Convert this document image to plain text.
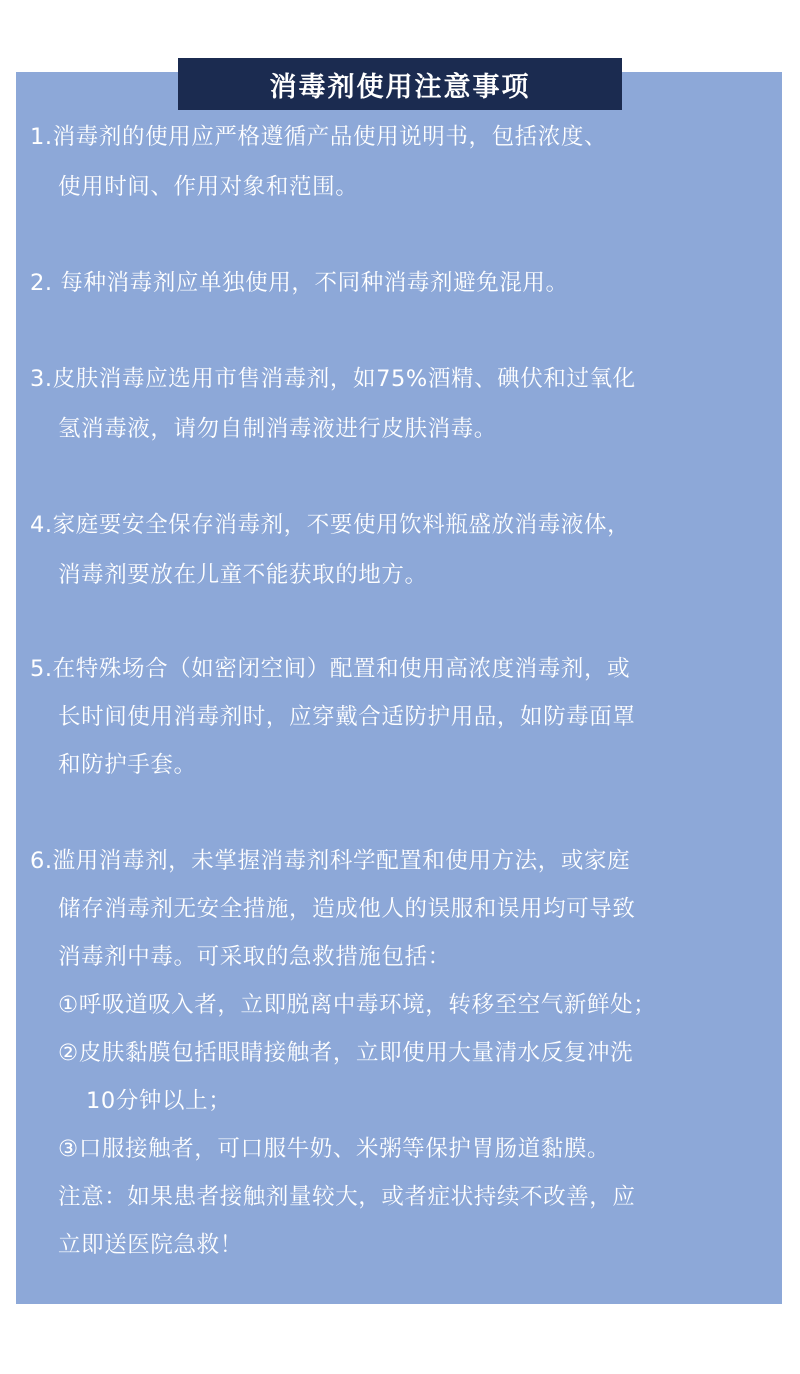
消毒剂使用注意事项
1.消毒剂的使用应严格遵循产品使用说明书，包括浓度、
使用时间、作用对象和范围。
2. 每种消毒剂应单独使用，不同种消毒剂避免混用。
3.皮肤消毒应选用市售消毒剂，如75%酒精、碘伏和过氧化
氢消毒液，请勿自制消毒液进行皮肤消毒。
4.家庭要安全保存消毒剂，不要使用饮料瓶盛放消毒液体，
消毒剂要放在儿童不能获取的地方。
5.在特殊场合（如密闭空间）配置和使用高浓度消毒剂，或
长时间使用消毒剂时，应穿戴合适防护用品，如防毒面罩
和防护手套。
6.滥用消毒剂，未掌握消毒剂科学配置和使用方法，或家庭
储存消毒剂无安全措施，造成他人的误服和误用均可导致
消毒剂中毒。可采取的急救措施包括：
①呼吸道吸入者，立即脱离中毒环境，转移至空气新鲜处；
②皮肤黏膜包括眼睛接触者，立即使用大量清水反复冲洗
10分钟以上；
③口服接触者，可口服牛奶、米粥等保护胃肠道黏膜。
注意：如果患者接触剂量较大，或者症状持续不改善，应
立即送医院急救！
